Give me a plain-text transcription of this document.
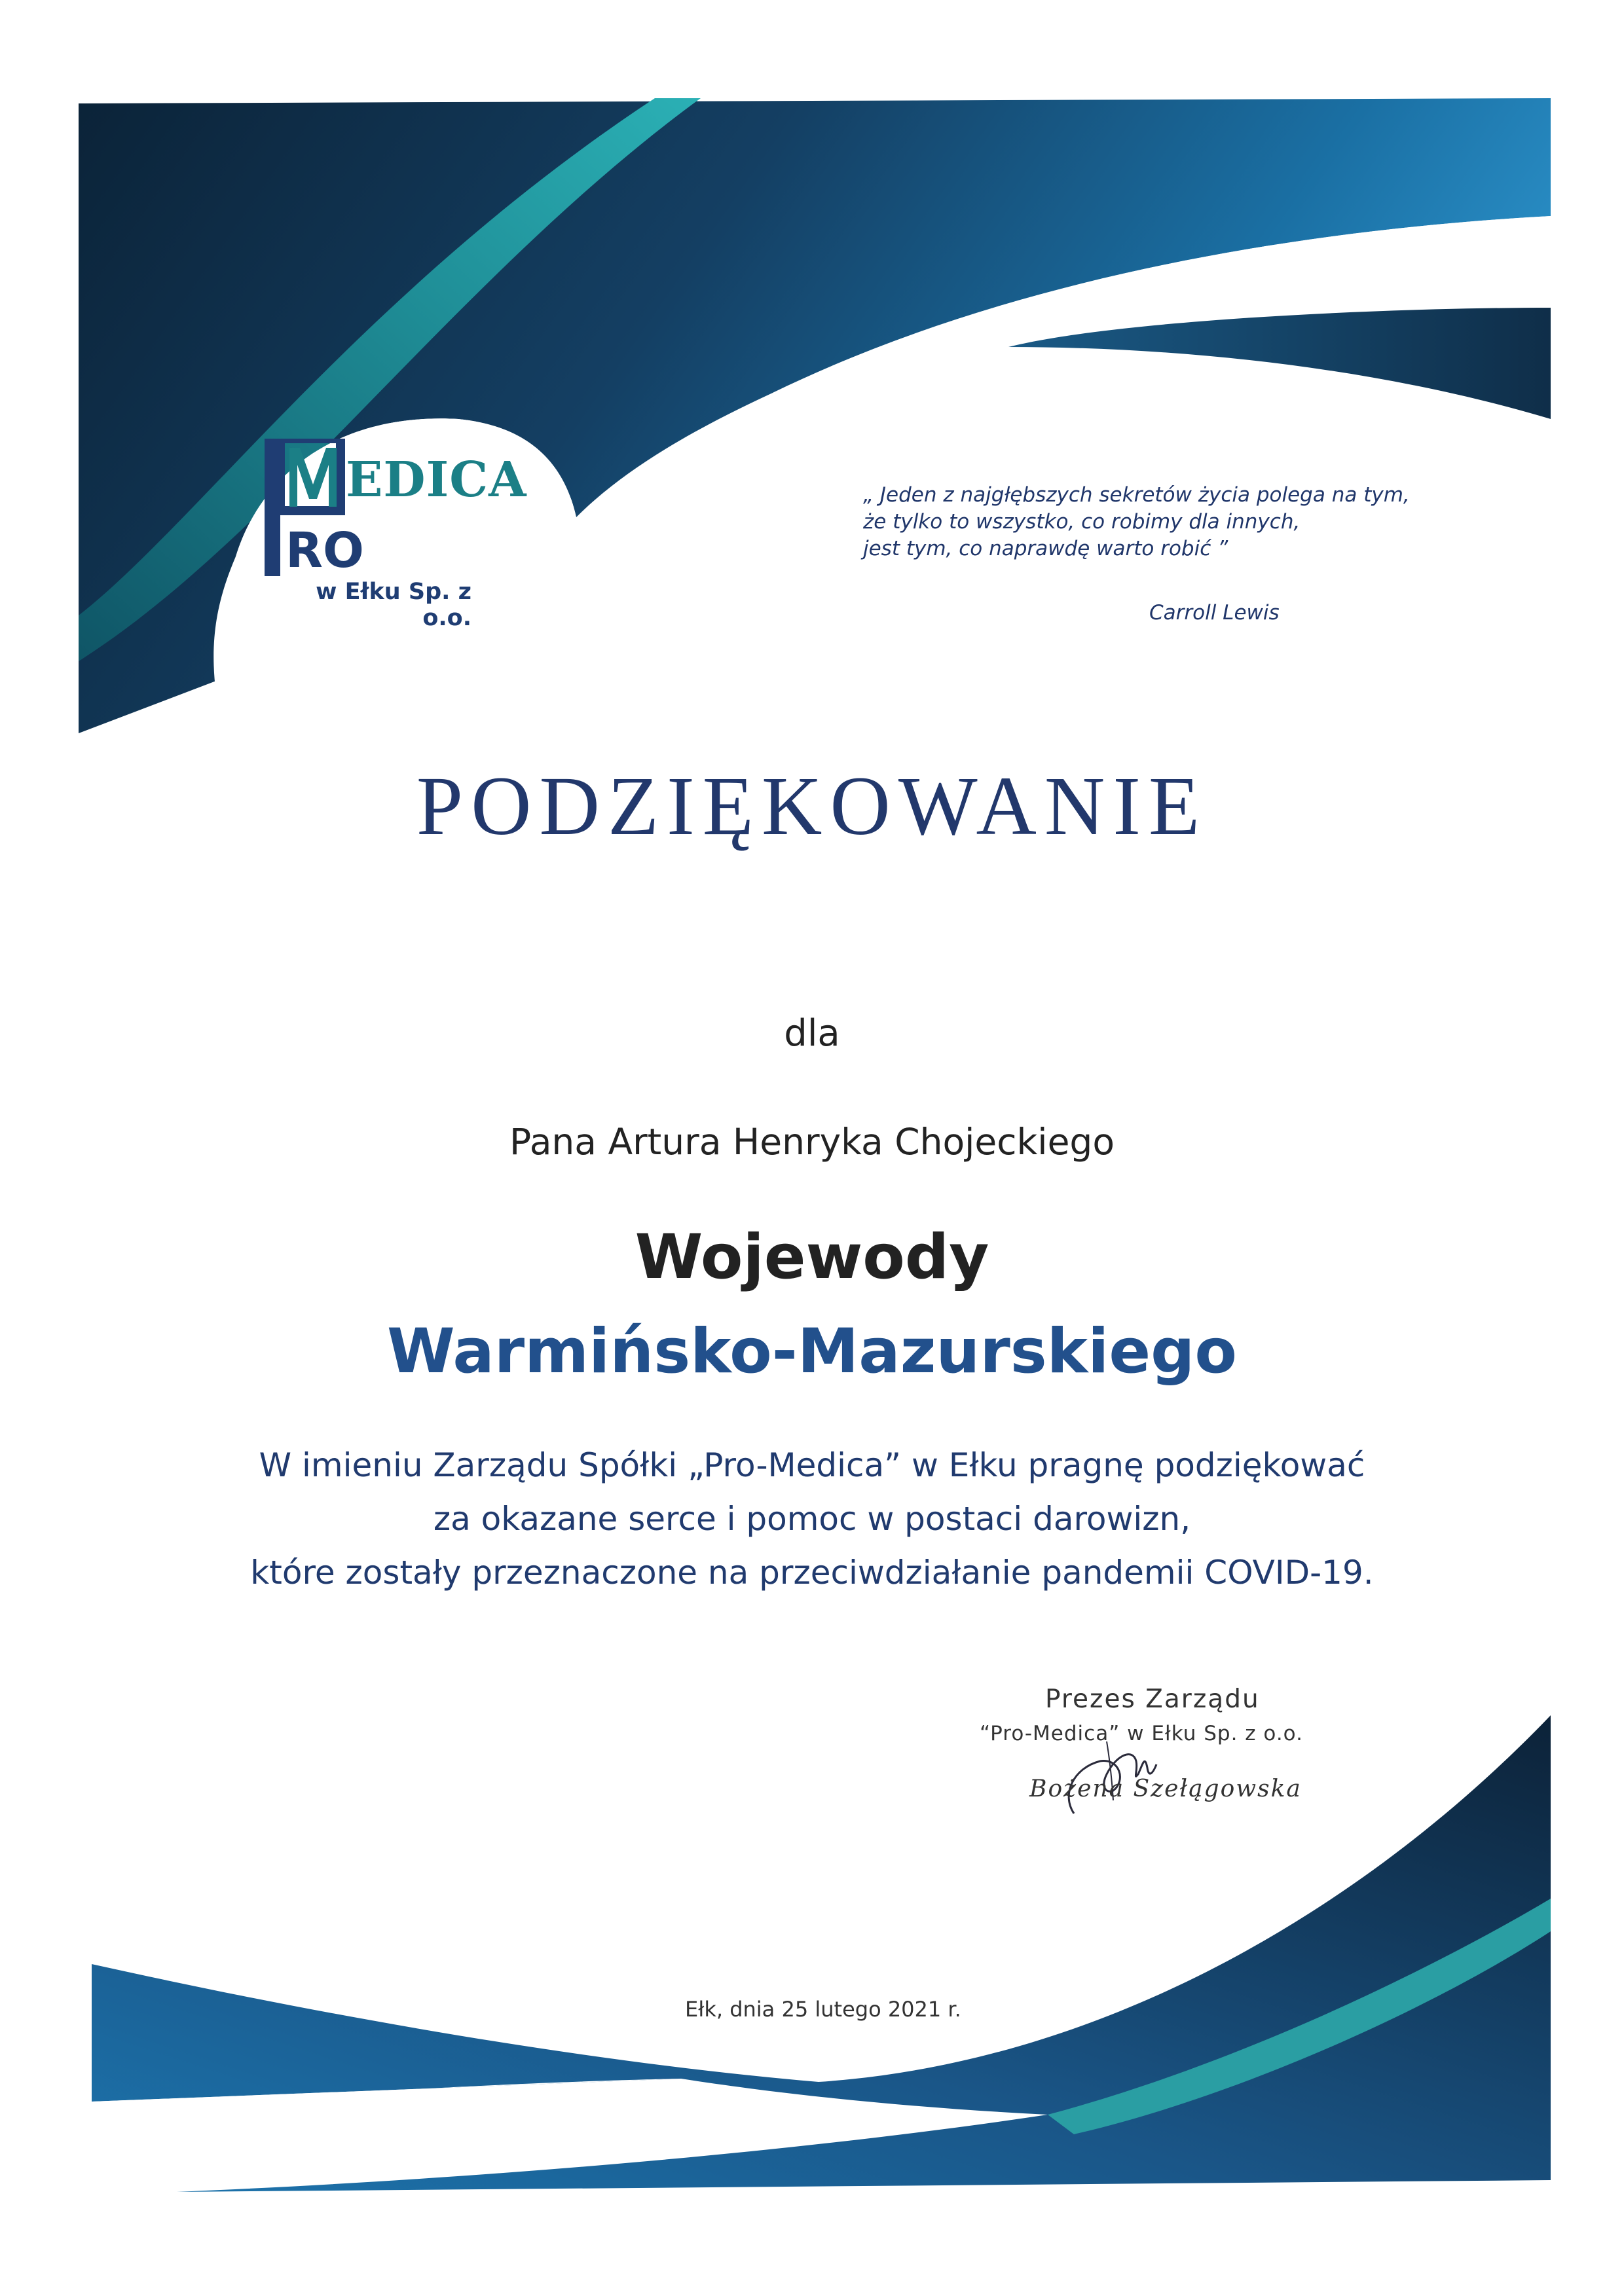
EDICA
RO
w Ełku Sp. z o.o.
„ Jeden z najgłębszych sekretów życia polega na tym,
że tylko to wszystko, co robimy dla innych,
jest tym, co naprawdę warto robić ”
Carroll Lewis
PODZIĘKOWANIE
dla
Pana Artura Henryka Chojeckiego
Wojewody
Warmińsko-Mazurskiego
W imieniu Zarządu Spółki „Pro-Medica” w Ełku pragnę podziękować
za okazane serce i pomoc w postaci darowizn,
które zostały przeznaczone na przeciwdziałanie pandemii COVID-19.
Prezes Zarządu
“Pro-Medica” w Ełku Sp. z o.o.
Bożena Szełągowska
Ełk, dnia 25 lutego 2021 r.
